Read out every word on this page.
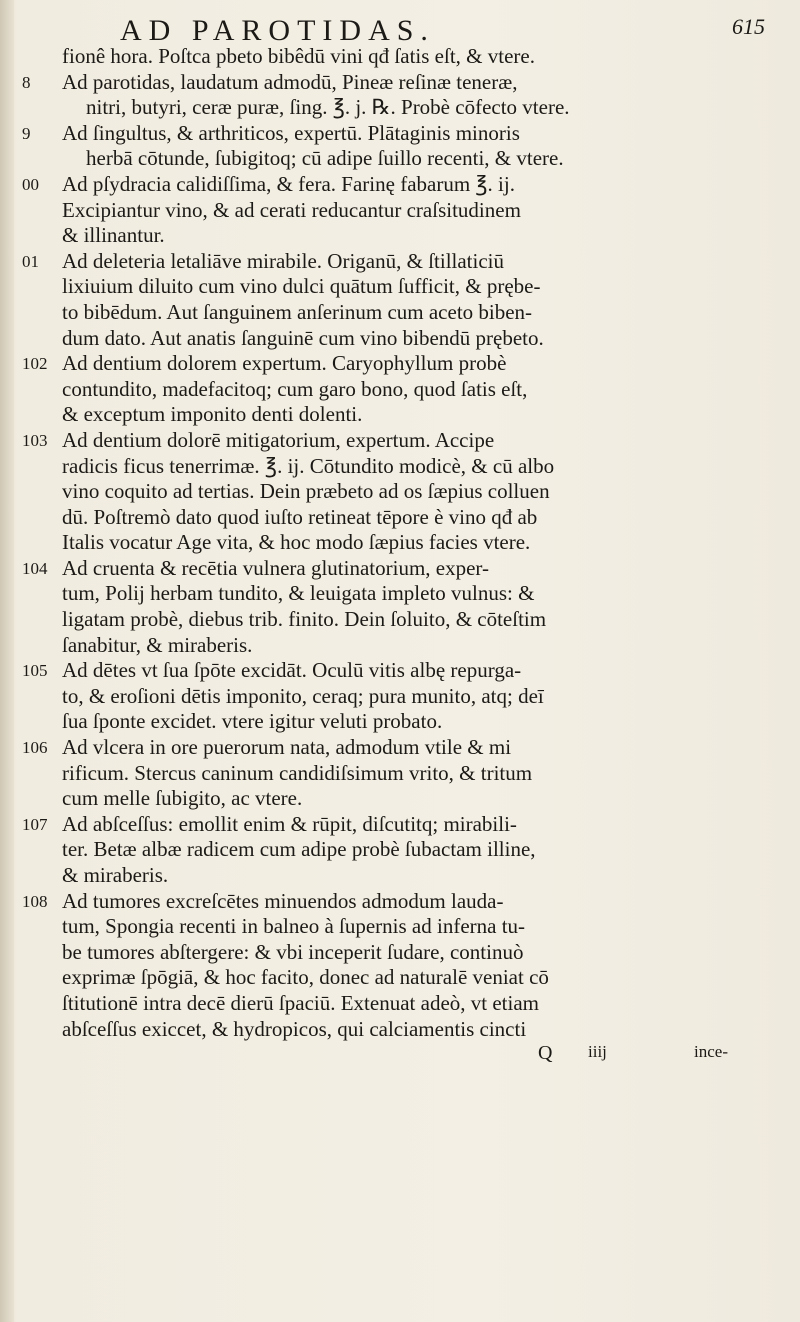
AD PAROTIDAS.	615
fionê hora. Poſtca pbeto bibêdū vini qđ ſatis eſt, & vtere.
8	Ad parotidas, laudatum admodū, Pineæ reſinæ teneræ,
nitri, butyri, ceræ puræ, ſing. ℥. j. ℞. Probè cōfecto vtere.
9	Ad ſingultus, & arthriticos, expertū. Plātaginis minoris
herbā cōtunde, ſubigitoq; cū adipe ſuillo recenti, & vtere.
00	Ad pſydracia calidiſſima, & fera. Farinę fabarum ℥. ij.
Excipiantur vino, & ad cerati reducantur craſsitudinem
& illinantur.
01	Ad deleteria letaliāve mirabile. Origanū, & ſtillaticiū
lixiuium diluito cum vino dulci quātum ſufficit, & prębe-
to bibēdum. Aut ſanguinem anſerinum cum aceto biben-
dum dato. Aut anatis ſanguinē cum vino bibendū prębeto.
102 Ad dentium dolorem expertum. Caryophyllum probè
contundito, madefacitoq; cum garo bono, quod ſatis eſt,
& exceptum imponito denti dolenti.
103 Ad dentium dolorē mitigatorium, expertum. Accipe
radicis ficus tenerrimæ. ℥. ij. Cōtundito modicè, & cū albo
vino coquito ad tertias. Dein præbeto ad os ſæpius colluen
dū. Poſtremò dato quod iuſto retineat tēpore è vino qđ ab
Italis vocatur Age vita, & hoc modo ſæpius facies vtere.
104 Ad cruenta & recētia vulnera glutinatorium, exper-
tum, Polij herbam tundito, & leuigata impleto vulnus: &
ligatam probè, diebus trib. finito. Dein ſoluito, & cōteſtim
ſanabitur, & miraberis.
105 Ad dētes vt ſua ſpōte excidāt. Oculū vitis albę repurga-
to, & eroſioni dētis imponito, ceraq; pura munito, atq; deī
ſua ſponte excidet. vtere igitur veluti probato.
106 Ad vlcera in ore puerorum nata, admodum vtile & mi
rificum. Stercus caninum candidiſsimum vrito, & tritum
cum melle ſubigito, ac vtere.
107 Ad abſceſſus: emollit enim & rūpit, diſcutitq; mirabili-
ter. Betæ albæ radicem cum adipe probè ſubactam illine,
& miraberis.
108 Ad tumores excreſcētes minuendos admodum lauda-
tum, Spongia recenti in balneo à ſupernis ad inferna tu-
be tumores abſtergere: & vbi inceperit ſudare, continuò
exprimæ ſpōgiā, & hoc facito, donec ad naturalē veniat cō
ſtitutionē intra decē dierū ſpaciū. Extenuat adeò, vt etiam
abſceſſus exiccet, & hydropicos, qui calciamentis cincti
Q iiij	ince-
